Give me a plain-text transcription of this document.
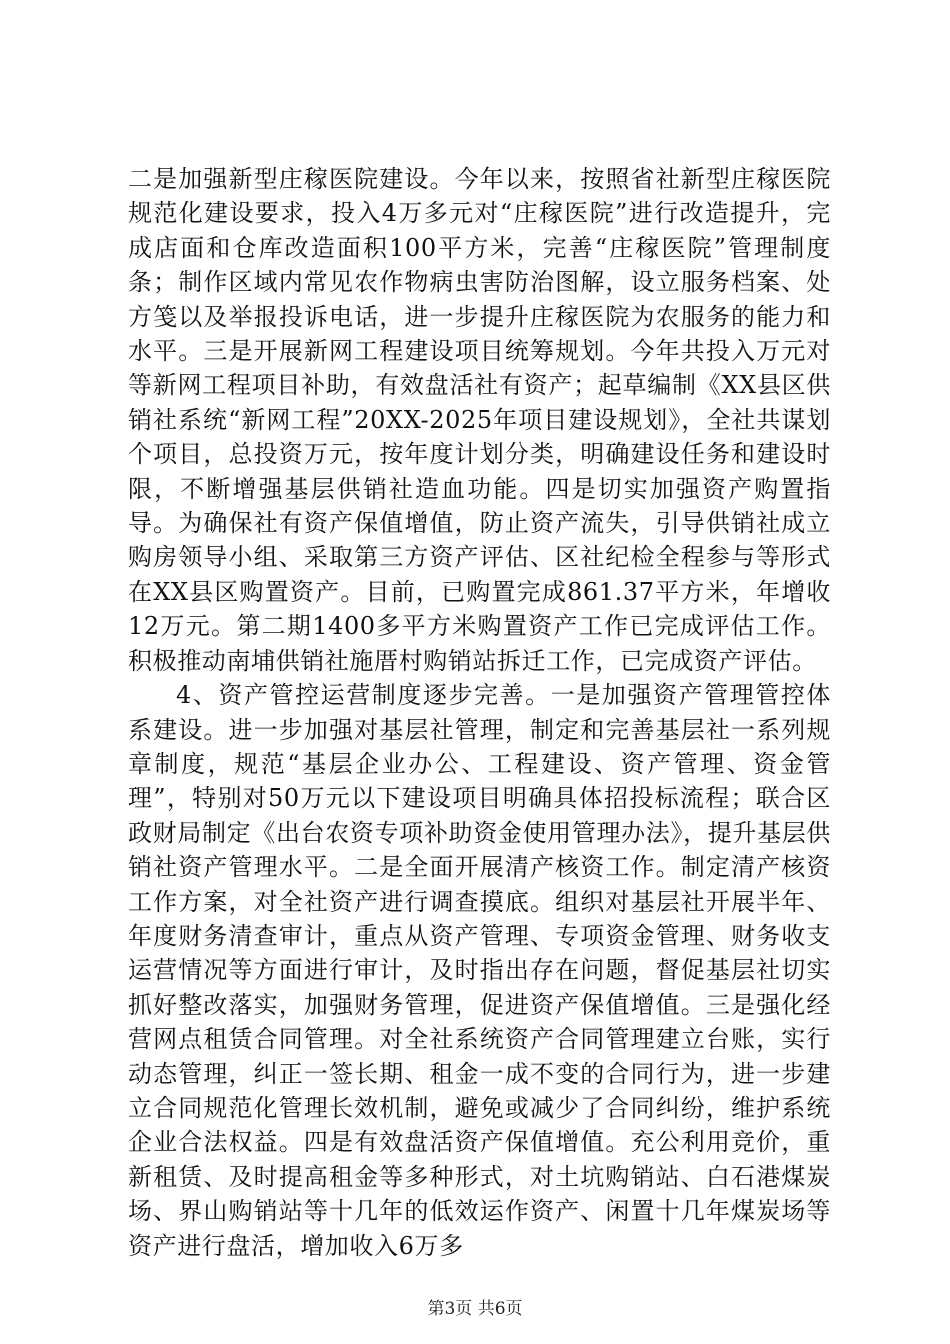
二是加强新型庄稼医院建设。今年以来，按照省社新型庄稼医院规范化建设要求，投入4万多元对“庄稼医院”进行改造提升，完成店面和仓库改造面积100平方米，完善“庄稼医院”管理制度条；制作区域内常见农作物病虫害防治图解，设立服务档案、处方笺以及举报投诉电话，进一步提升庄稼医院为农服务的能力和水平。三是开展新网工程建设项目统筹规划。今年共投入万元对等新网工程项目补助，有效盘活社有资产；起草编制《XX县区供销社系统“新网工程”20XX-2025年项目建设规划》，全社共谋划个项目，总投资万元，按年度计划分类，明确建设任务和建设时限，不断增强基层供销社造血功能。四是切实加强资产购置指导。为确保社有资产保值增值，防止资产流失，引导供销社成立购房领导小组、采取第三方资产评估、区社纪检全程参与等形式在XX县区购置资产。目前，已购置完成861.37平方米，年增收12万元。第二期1400多平方米购置资产工作已完成评估工作。积极推动南埔供销社施厝村购销站拆迁工作，已完成资产评估。

4、资产管控运营制度逐步完善。一是加强资产管理管控体系建设。进一步加强对基层社管理，制定和完善基层社一系列规章制度，规范“基层企业办公、工程建设、资产管理、资金管理”，特别对50万元以下建设项目明确具体招投标流程；联合区政财局制定《出台农资专项补助资金使用管理办法》，提升基层供销社资产管理水平。二是全面开展清产核资工作。制定清产核资工作方案，对全社资产进行调查摸底。组织对基层社开展半年、年度财务清查审计，重点从资产管理、专项资金管理、财务收支运营情况等方面进行审计，及时指出存在问题，督促基层社切实抓好整改落实，加强财务管理，促进资产保值增值。三是强化经营网点租赁合同管理。对全社系统资产合同管理建立台账，实行动态管理，纠正一签长期、租金一成不变的合同行为，进一步建立合同规范化管理长效机制，避免或减少了合同纠纷，维护系统企业合法权益。四是有效盘活资产保值增值。充公利用竞价，重新租赁、及时提高租金等多种形式，对土坑购销站、白石港煤炭场、界山购销站等十几年的低效运作资产、闲置十几年煤炭场等资产进行盘活，增加收入6万多

第3页 共6页
